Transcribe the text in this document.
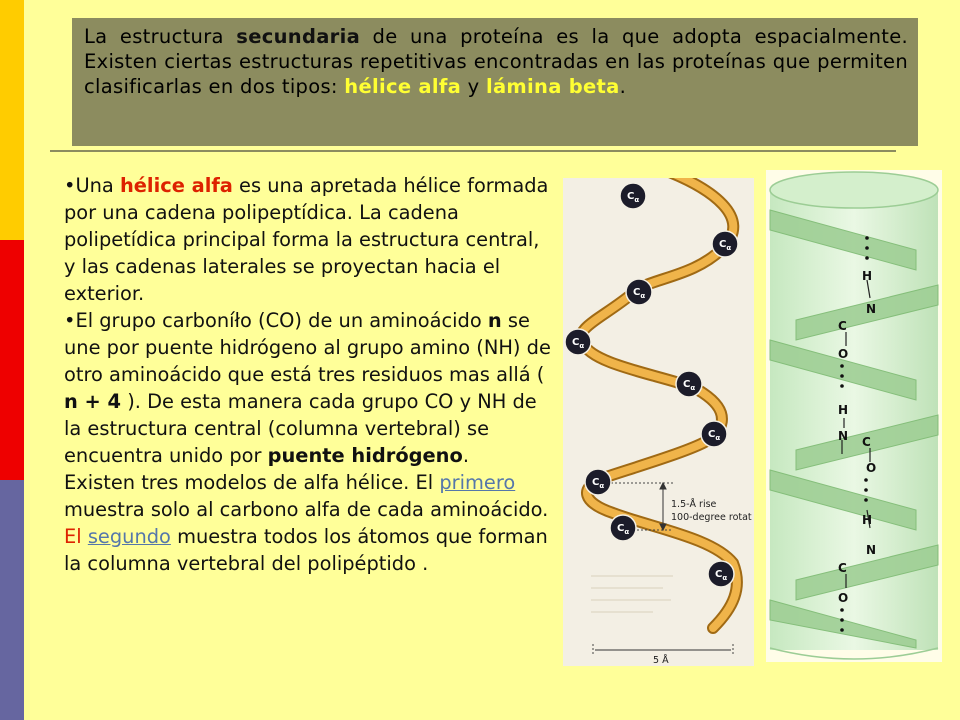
La estructura secundaria de una proteína es la que adopta espacialmente. Existen ciertas estructuras repetitivas encontradas en las proteínas que permiten clasificarlas en dos tipos: hélice alfa y lámina beta.

•Una hélice alfa es una apretada hélice formada por una cadena polipeptídica. La cadena polipetídica principal forma la estructura central, y las cadenas laterales se proyectan hacia el exterior.

•El grupo carboníło (CO) de un aminoácido n se une por puente hidrógeno al grupo amino (NH) de otro aminoácido que está tres residuos mas allá ( n + 4 ). De esta manera cada grupo CO y NH de la estructura central (columna vertebral) se encuentra unido por puente hidrógeno.

Existen tres modelos de alfa hélice. El primero muestra solo al carbono alfa de cada aminoácido. El segundo muestra todos los átomos que forman la columna vertebral del polipéptido .

1.5-Å rise
100-degree rotat
5 Å
$C_\alpha$
$C_\alpha$
$C_\alpha$
$C_\alpha$
$C_\alpha$
$C_\alpha$
$C_\alpha$
$C_\alpha$
$C_\alpha$
H
N
C
O
H
N C
O
H
N
C
O
